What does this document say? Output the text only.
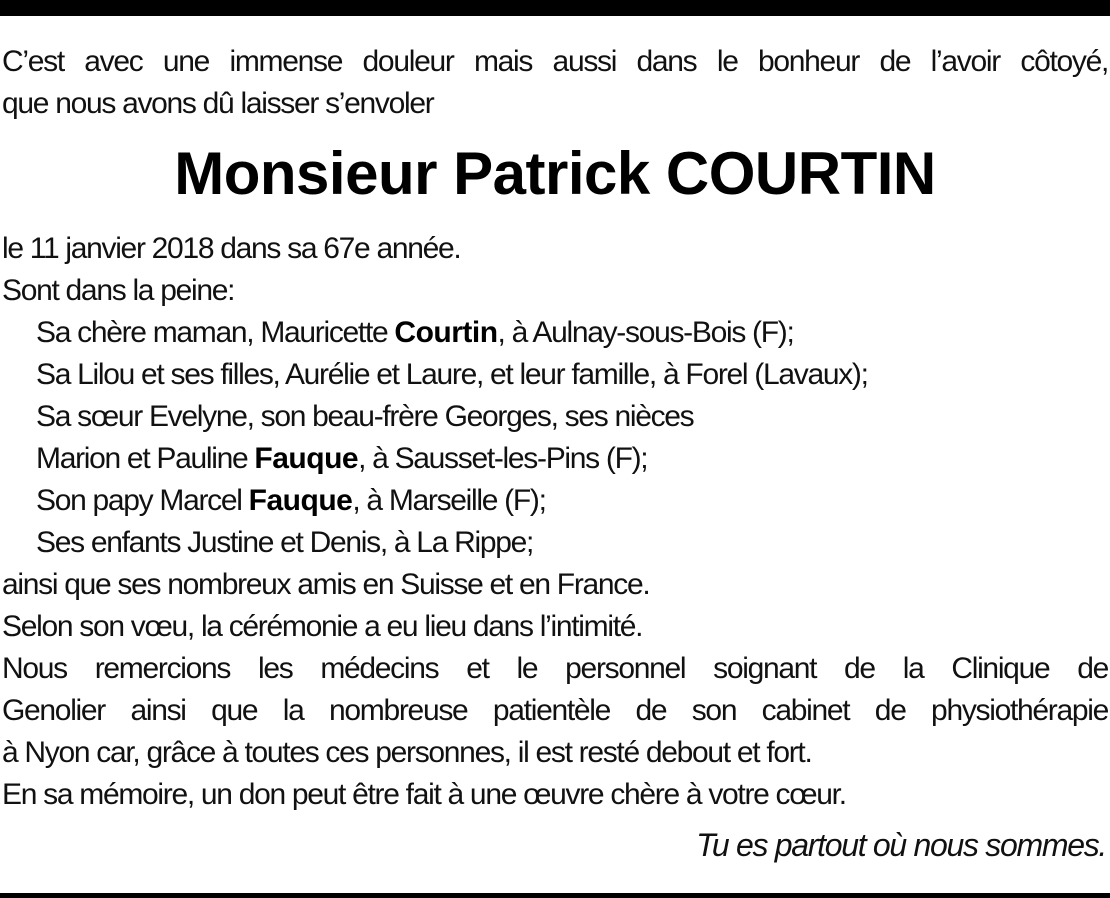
C’est avec une immense douleur mais aussi dans le bonheur de l’avoir côtoyé,
que nous avons dû laisser s’envoler
Monsieur Patrick COURTIN
le 11 janvier 2018 dans sa 67e année.
Sont dans la peine:
Sa chère maman, Mauricette Courtin, à Aulnay-sous-Bois (F);
Sa Lilou et ses filles, Aurélie et Laure, et leur famille, à Forel (Lavaux);
Sa sœur Evelyne, son beau-frère Georges, ses nièces
Marion et Pauline Fauque, à Sausset-les-Pins (F);
Son papy Marcel Fauque, à Marseille (F);
Ses enfants Justine et Denis, à La Rippe;
ainsi que ses nombreux amis en Suisse et en France.
Selon son vœu, la cérémonie a eu lieu dans l’intimité.
Nous remercions les médecins et le personnel soignant de la Clinique de
Genolier ainsi que la nombreuse patientèle de son cabinet de physiothérapie
à Nyon car, grâce à toutes ces personnes, il est resté debout et fort.
En sa mémoire, un don peut être fait à une œuvre chère à votre cœur.
Tu es partout où nous sommes.
